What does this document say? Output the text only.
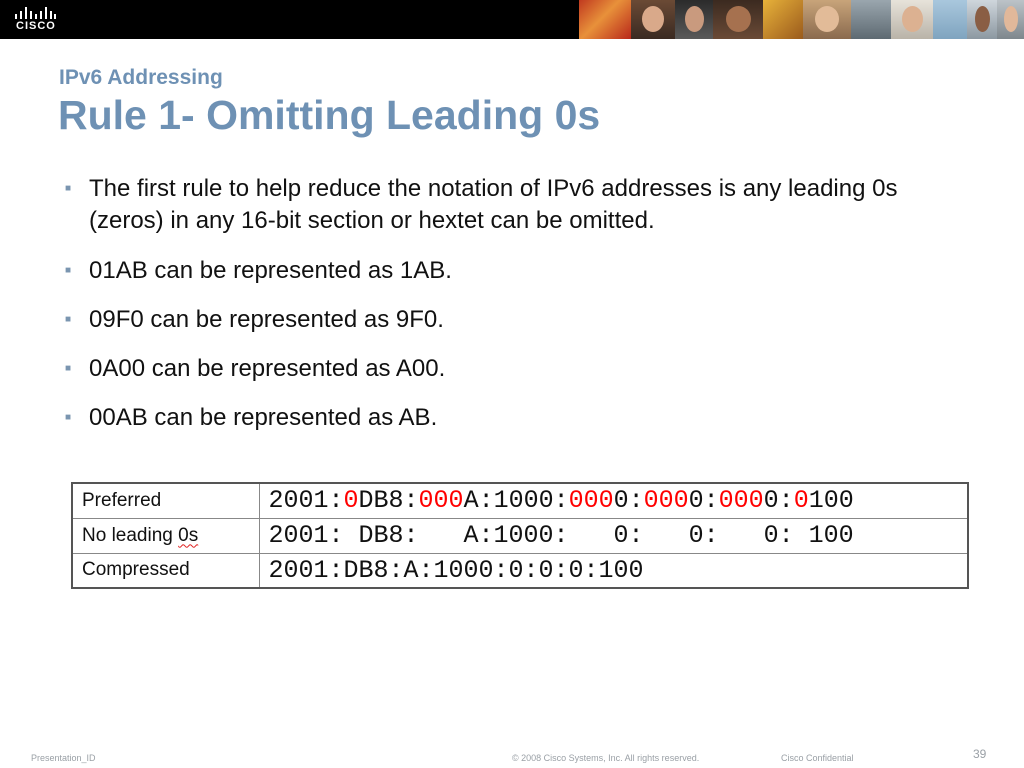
CISCO
IPv6 Addressing
Rule 1- Omitting Leading 0s
■ The first rule to help reduce the notation of IPv6 addresses is any leading 0s (zeros) in any 16-bit section or hextet can be omitted.
■ 01AB can be represented as 1AB.
■ 09F0 can be represented as 9F0.
■ 0A00 can be represented as A00.
■ 00AB can be represented as AB.
Preferred	2001:0DB8:000A:1000:0000:0000:0000:0100
No leading 0s	2001: DB8:   A:1000:   0:   0:   0: 100
Compressed	2001:DB8:A:1000:0:0:0:100
Presentation_ID	© 2008 Cisco Systems, Inc. All rights reserved.	Cisco Confidential	39
